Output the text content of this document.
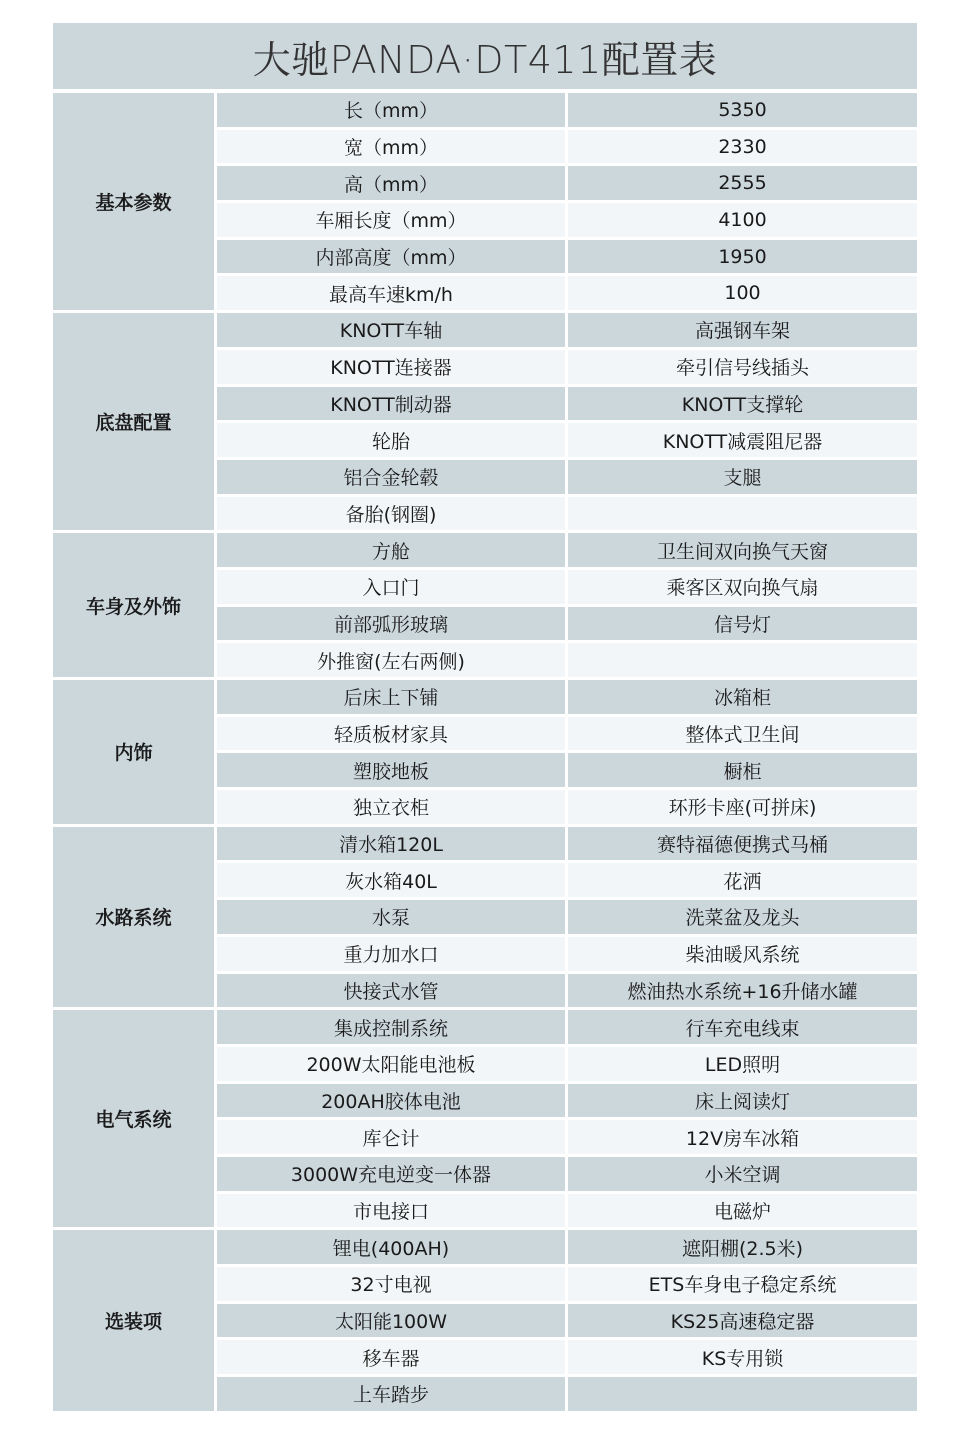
大驰PANDA·DT411配置表
基本参数
长（mm）	5350
宽（mm）	2330
高（mm）	2555
车厢长度（mm）	4100
内部高度（mm）	1950
最高车速km/h	100
底盘配置
KNOTT车轴	高强钢车架
KNOTT连接器	牵引信号线插头
KNOTT制动器	KNOTT支撑轮
轮胎	KNOTT减震阻尼器
铝合金轮毂	支腿
备胎(钢圈)
车身及外饰
方舱	卫生间双向换气天窗
入口门	乘客区双向换气扇
前部弧形玻璃	信号灯
外推窗(左右两侧)
内饰
后床上下铺	冰箱柜
轻质板材家具	整体式卫生间
塑胶地板	橱柜
独立衣柜	环形卡座(可拼床)
水路系统
清水箱120L	赛特福德便携式马桶
灰水箱40L	花洒
水泵	洗菜盆及龙头
重力加水口	柴油暖风系统
快接式水管	燃油热水系统+16升储水罐
电气系统
集成控制系统	行车充电线束
200W太阳能电池板	LED照明
200AH胶体电池	床上阅读灯
库仑计	12V房车冰箱
3000W充电逆变一体器	小米空调
市电接口	电磁炉
选装项
锂电(400AH)	遮阳棚(2.5米)
32寸电视	ETS车身电子稳定系统
太阳能100W	KS25高速稳定器
移车器	KS专用锁
上车踏步
